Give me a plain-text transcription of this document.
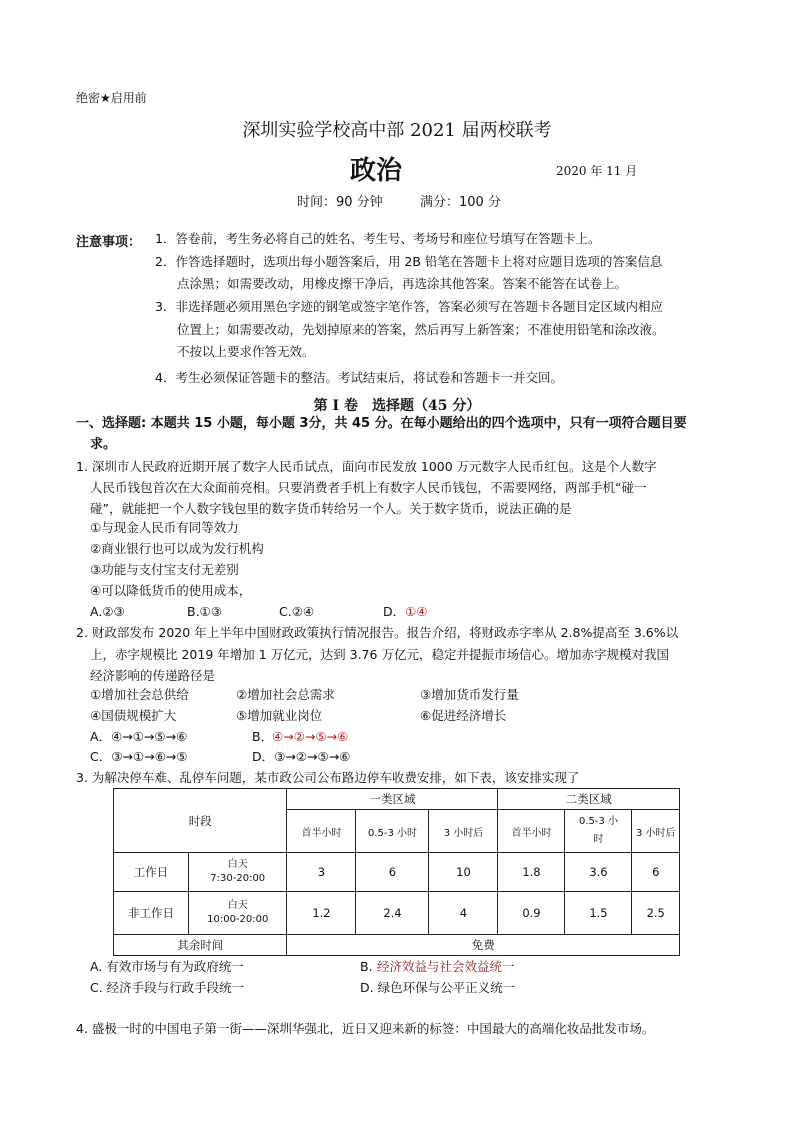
绝密★启用前
深圳实验学校高中部 2021 届两校联考
政治	2020 年 11 月
时间：90 分钟	满分：100 分
注意事项： 1．答卷前，考生务必将自己的姓名、考生号、考场号和座位号填写在答题卡上。
2．作答选择题时，选项出每小题答案后，用 2B 铅笔在答题卡上将对应题目选项的答案信息
点涂黑；如需要改动，用橡皮擦干净后，再选涂其他答案。答案不能答在试卷上。
3．非选择题必须用黑色字迹的钢笔或签字笔作答，答案必须写在答题卡各题目定区域内相应
位置上；如需要改动，先划掉原来的答案，然后再写上新答案；不准使用铅笔和涂改液。
不按以上要求作答无效。
4．考生必须保证答题卡的整洁。考试结束后，将试卷和答题卡一并交回。
第 I 卷　选择题（45 分）
一、选择题: 本题共 15 小题，每小题 3分，共 45 分。在每小题给出的四个选项中，只有一项符合题目要
求。
1. 深圳市人民政府近期开展了数字人民币试点，面向市民发放 1000 万元数字人民币红包。这是个人数字
人民币钱包首次在大众面前亮相。只要消费者手机上有数字人民币钱包，不需要网络，两部手机“碰一
碰”，就能把一个人数字钱包里的数字货币转给另一个人。关于数字货币，说法正确的是
①与现金人民币有同等效力
②商业银行也可以成为发行机构
③功能与支付宝支付无差别
④可以降低货币的使用成本，
A.②③	B.①③	C.②④	D． ①④
2. 财政部发布 2020 年上半年中国财政政策执行情况报告。报告介绍，将财政赤字率从 2.8%提高至 3.6%以
上，赤字规模比 2019 年增加 1 万亿元，达到 3.76 万亿元，稳定并提振市场信心。增加赤字规模对我国
经济影响的传递路径是
①增加社会总供给	②增加社会总需求	③增加货币发行量
④国债规模扩大	⑤增加就业岗位	⑥促进经济增长
A．④→①→⑤→⑥	B．
④→②→⑤→⑥
C．③→①→⑥→⑤	D．③→②→⑤→⑥
3. 为解决停车难、乱停车问题，某市政公司公布路边停车收费安排，如下表，该安排实现了
时段		一类区域			二类区域		
		首半小时	0.5-3 小时	3 小时后	首半小时	0.5-3 小
时	3 小时后
工作日	白天
7:30-20:00	3	6	10	1.8	3.6	6
非工作日	白天
10:00-20:00	1.2	2.4	4	0.9	1.5	2.5
其余时间		免费					
A. 有效市场与有为政府统一	B. 经济效益与社会效益统一
C. 经济手段与行政手段统一	D. 绿色环保与公平正义统一
4. 盛极一时的中国电子第一街——深圳华强北，近日又迎来新的标签：中国最大的高端化妆品批发市场。
